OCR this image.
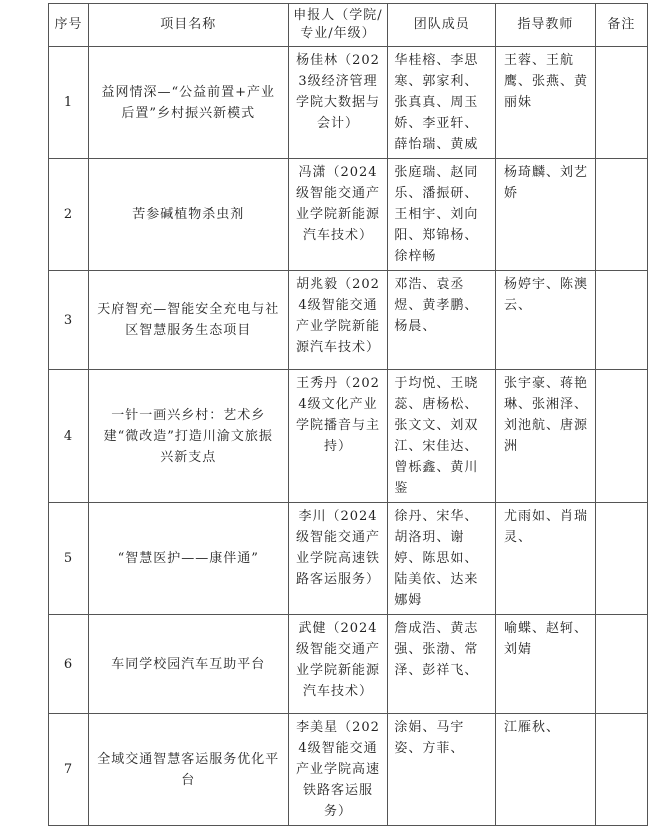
序号	项目名称	申报人（学院/专业/年级）	团队成员	指导教师	备注
1	益网情深—“公益前置+产业后置”乡村振兴新模式	杨佳林（2023级经济管理学院大数据与会计）	华桂榕、李思寒、郭家利、张真真、周玉娇、李亚轩、薛怡瑞、黄威	王蓉、王航鹰、张燕、黄丽妹	
2	苦参碱植物杀虫剂	冯潇（2024级智能交通产业学院新能源汽车技术）	张庭瑞、赵同乐、潘振研、王相宇、刘向阳、郑锦杨、徐梓畅	杨琦麟、刘艺娇	
3	天府智充—智能安全充电与社区智慧服务生态项目	胡兆毅（2024级智能交通产业学院新能源汽车技术）	邓浩、袁丞煜、黄孝鹏、杨晨、	杨婷宇、陈澳云、	
4	一针一画兴乡村：艺术乡建“微改造”打造川渝文旅振兴新支点	王秀丹（2024级文化产业学院播音与主持）	于均悦、王晓蕊、唐杨松、张文文、刘双江、宋佳达、曾栎鑫、黄川鉴	张宇豪、蒋艳琳、张湘泽、刘池航、唐源洲	
5	“智慧医护——康伴通”	李川（2024级智能交通产业学院高速铁路客运服务）	徐丹、宋华、胡洛玥、谢婷、陈思如、陆美依、达来娜姆	尤雨如、肖瑞灵、	
6	车同学校园汽车互助平台	武健（2024级智能交通产业学院新能源汽车技术）	詹成浩、黄志强、张渤、常泽、彭祥飞、	喻蝶、赵轲、刘婧	
7	全域交通智慧客运服务优化平台	李美星（2024级智能交通产业学院高速铁路客运服务）	涂娟、马宇姿、方菲、	江雁秋、	
